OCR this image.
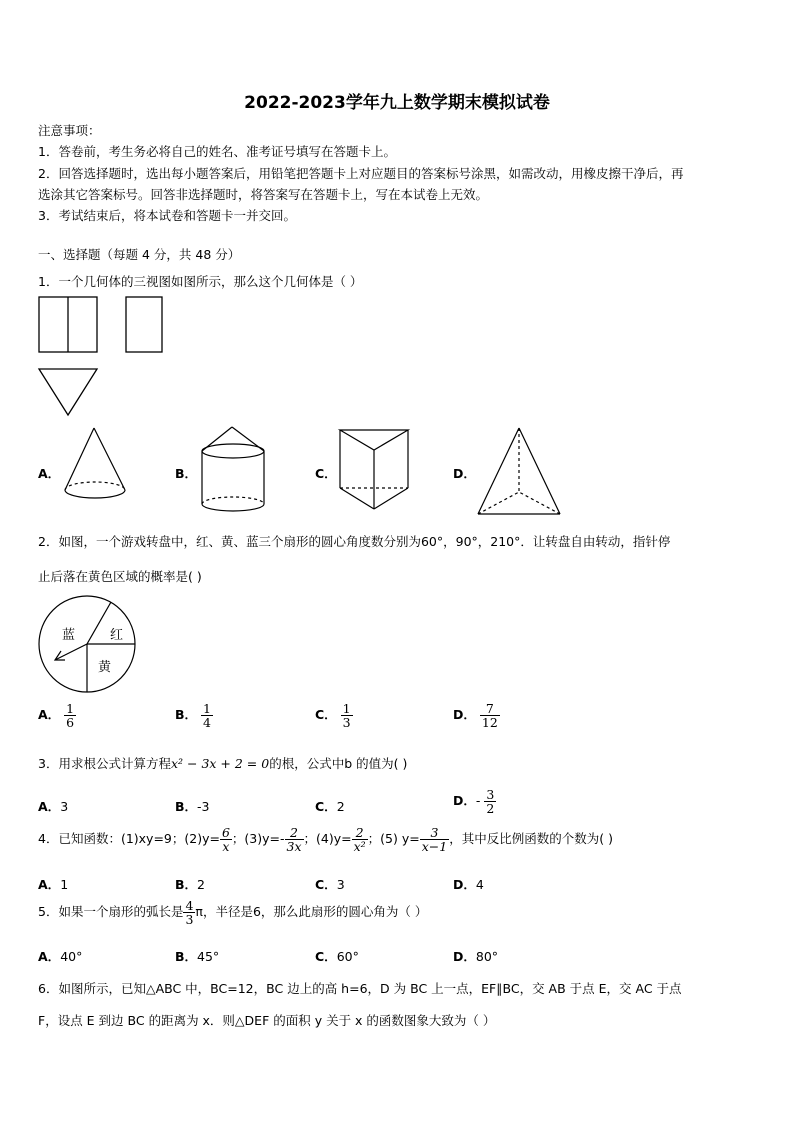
2022-2023学年九上数学期末模拟试卷
注意事项：
1．答卷前，考生务必将自己的姓名、准考证号填写在答题卡上。
2．回答选择题时，选出每小题答案后，用铅笔把答题卡上对应题目的答案标号涂黑，如需改动，用橡皮擦干净后，再
选涂其它答案标号。回答非选择题时，将答案写在答题卡上，写在本试卷上无效。
3．考试结束后，将本试卷和答题卡一并交回。
一、选择题（每题 4 分，共 48 分）
1．一个几何体的三视图如图所示，那么这个几何体是（ ）
A．	B．	C．	D．
2．如图，一个游戏转盘中，红、黄、蓝三个扇形的圆心角度数分别为60°，90°，210°．让转盘自由转动，指针停
止后落在黄色区域的概率是( )
蓝	红
黄
A． $\frac{1}{6}$	B． $\frac{1}{4}$	C． $\frac{1}{3}$	D． $\frac{7}{12}$
3．用求根公式计算方程x² − 3x + 2 = 0的根，公式中b 的值为( )
A．3	B．-3	C．2	D．- $\frac{3}{2}$
4．已知函数：(1)xy=9；$(2)y= \frac{6}{x}$ ；$(3)y=- \frac{2}{3x}$ ；$(4)y= \frac{2}{\text{x²}}$ ；(5) $y= \frac{3}{x-1}$ ，其中反比例函数的个数为( )
A．1	B．2	C．3	D．4
5．如果一个扇形的弧长是 $\frac{4}{3}$ π，半径是6，那么此扇形的圆心角为（ ）
A．40°	B．45°	C．60°	D．80°
6．如图所示，已知△ABC 中，BC=12，BC 边上的高 h=6，D 为 BC 上一点，EF∥BC，交 AB 于点 E，交 AC 于点
F，设点 E 到边 BC 的距离为 x．则△DEF 的面积 y 关于 x 的函数图象大致为（ ）
